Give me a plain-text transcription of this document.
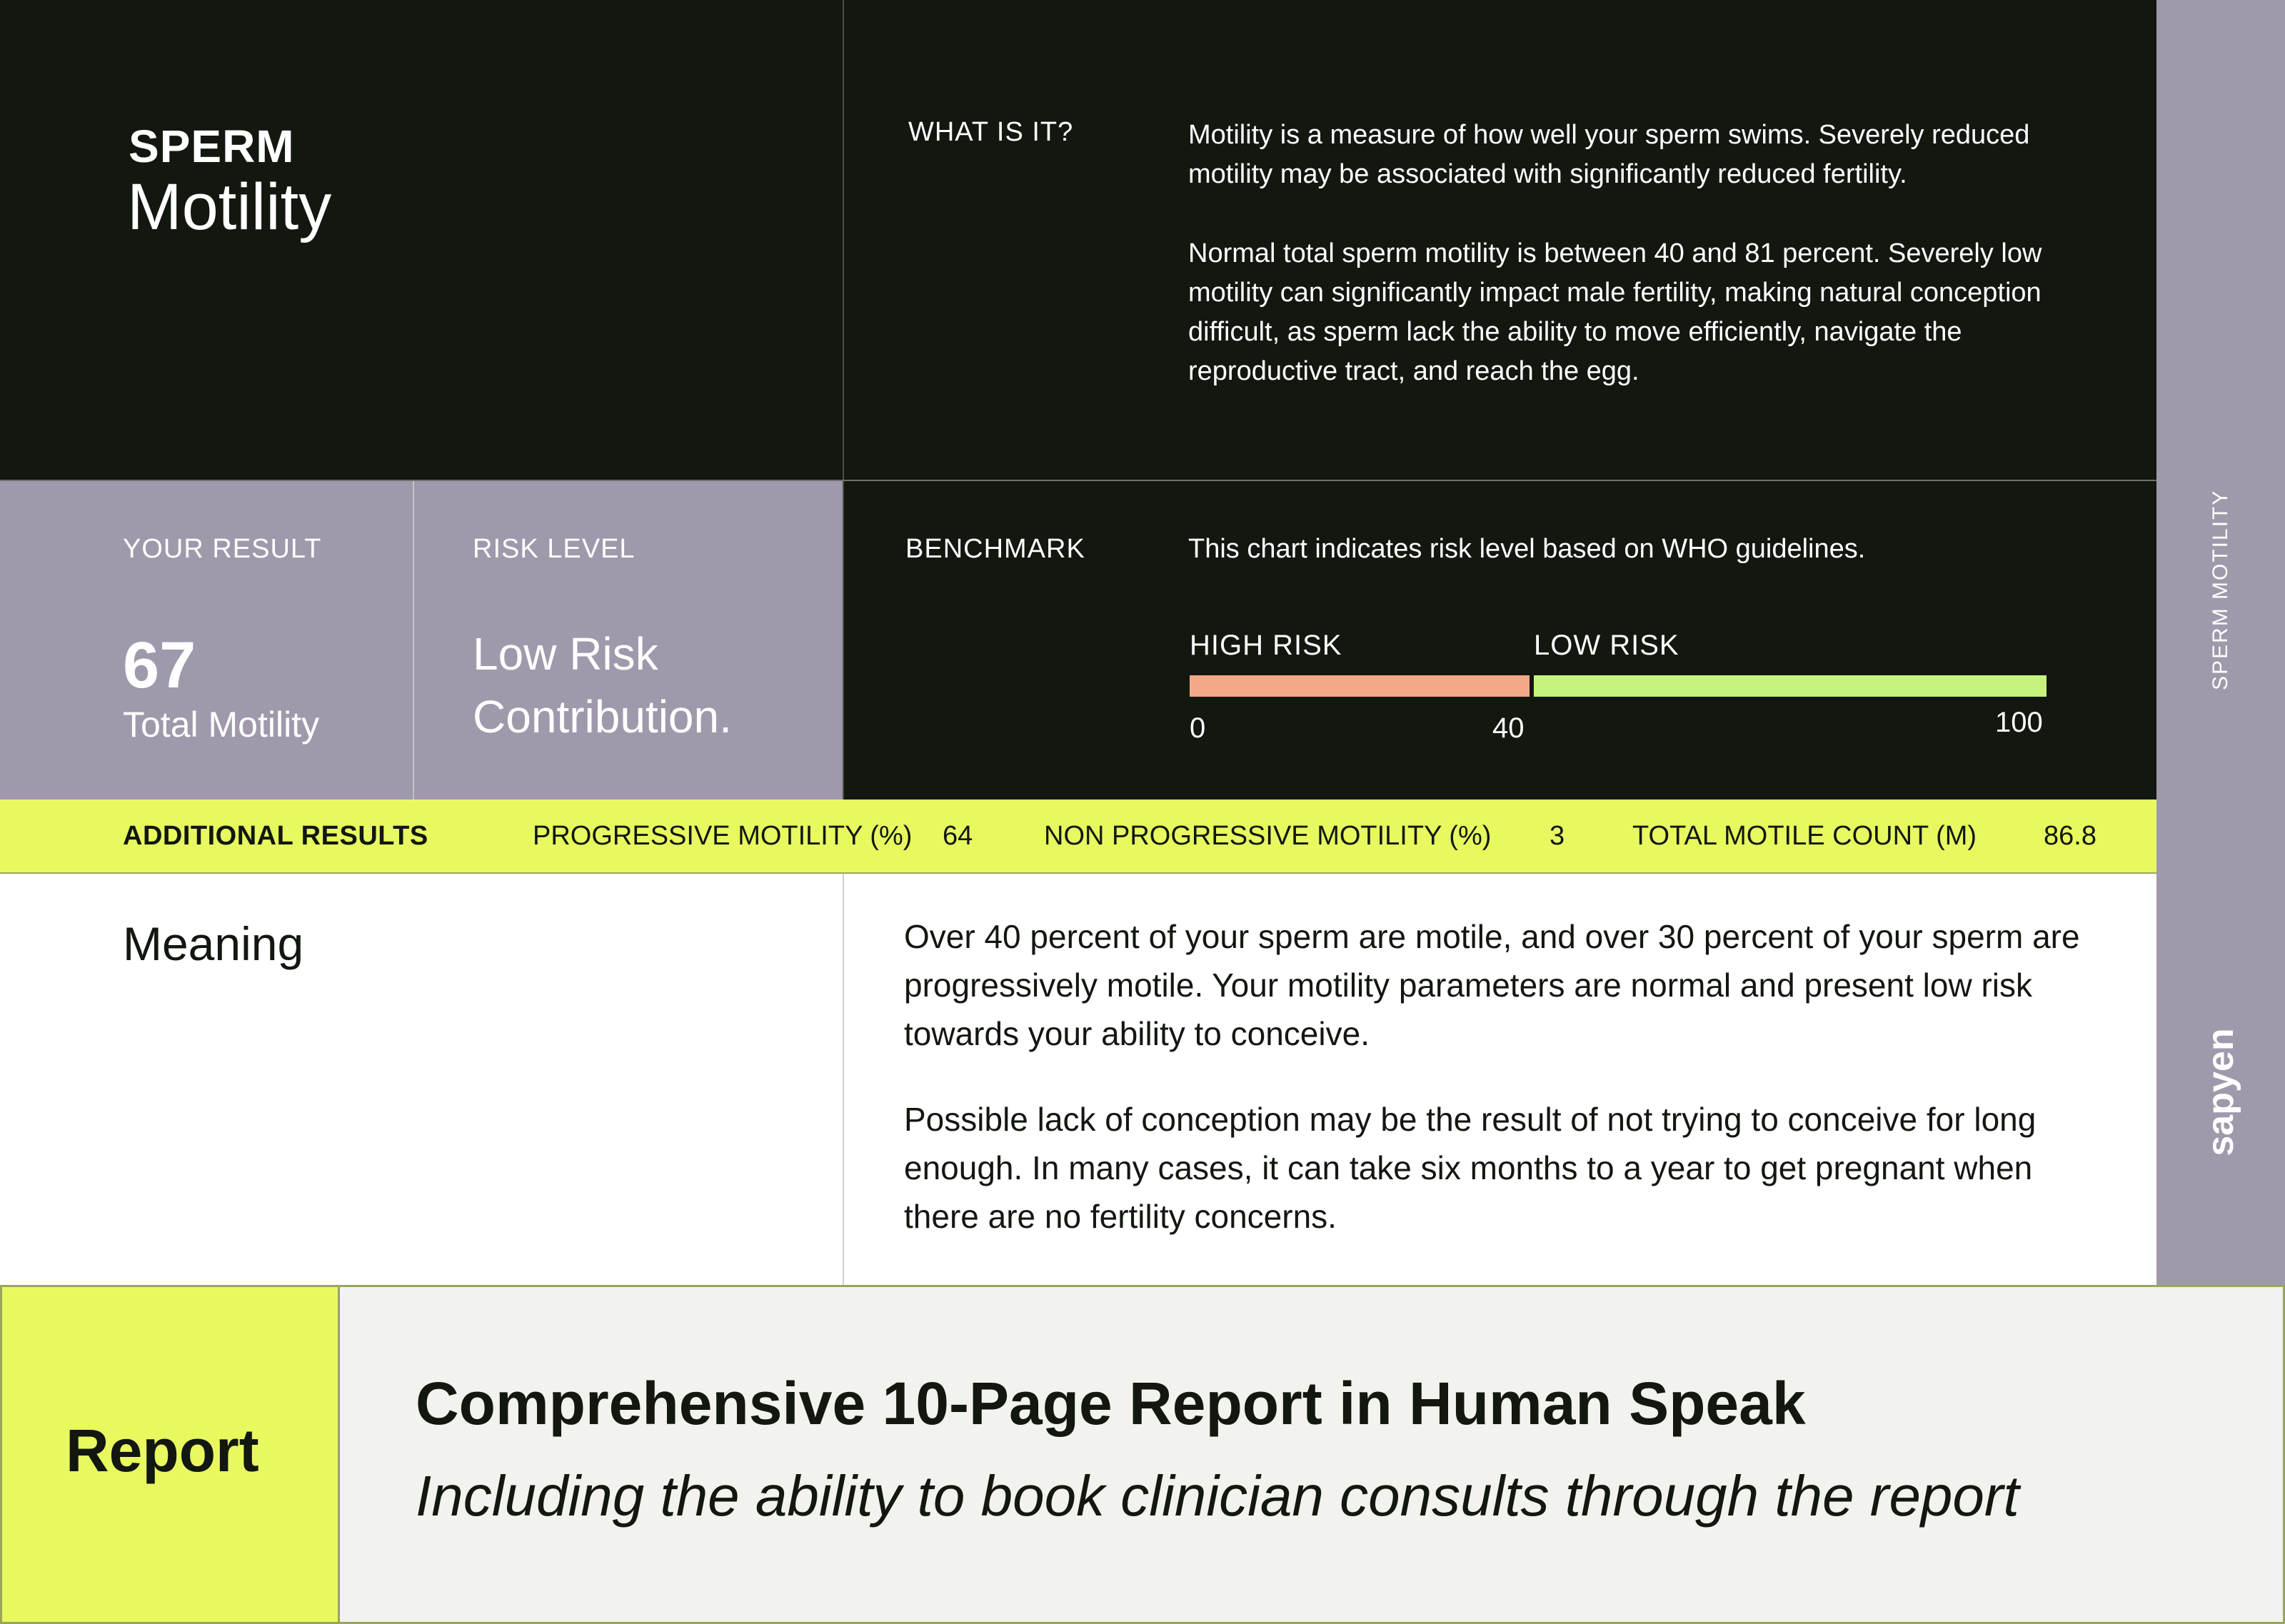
SPERM
Motility
WHAT IS IT?	Motility is a measure of how well your sperm swims. Severely reduced motility may be associated with significantly reduced fertility.

Normal total sperm motility is between 40 and 81 percent. Severely low motility can significantly impact male fertility, making natural conception difficult, as sperm lack the ability to move efficiently, navigate the reproductive tract, and reach the egg.

YOUR RESULT
67
Total Motility
RISK LEVEL
Low Risk Contribution.
BENCHMARK	This chart indicates risk level based on WHO guidelines.
HIGH RISK	LOW RISK
0	40	100
ADDITIONAL RESULTS	PROGRESSIVE MOTILITY (%) 64	NON PROGRESSIVE MOTILITY (%) 3 TOTAL MOTILE COUNT (M) 86.8
Meaning	Over 40 percent of your sperm are motile, and over 30 percent of your sperm are progressively motile. Your motility parameters are normal and present low risk towards your ability to conceive.

Possible lack of conception may be the result of not trying to conceive for long enough. In many cases, it can take six months to a year to get pregnant when there are no fertility concerns.

SPERM MOTILITY
sapyen
Report
Comprehensive 10-Page Report in Human Speak
Including the ability to book clinician consults through the report
